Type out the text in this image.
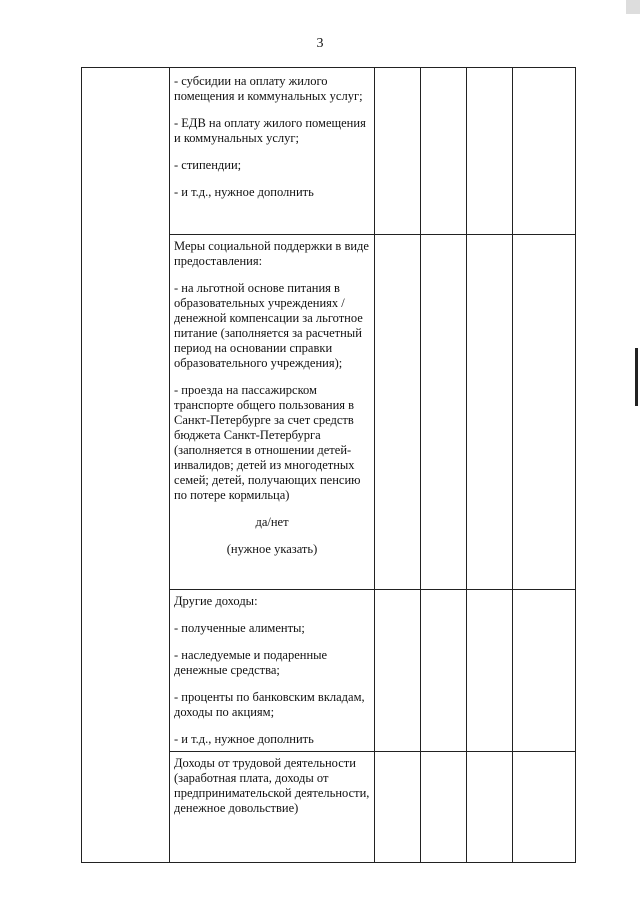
3

	- субсидии на оплату жилого помещения и коммунальных услуг;

- ЕДВ на оплату жилого помещения и коммунальных услуг;

- стипендии;

- и т.д., нужное дополнить				

	Меры социальной поддержки в виде предоставления:

- на льготной основе питания в образовательных учреждениях / денежной компенсации за льготное питание (заполняется за расчетный период на основании справки образовательного учреждения);

- проезда на пассажирском транспорте общего пользования в Санкт-Петербурге за счет средств бюджета Санкт-Петербурга (заполняется в отношении детей-инвалидов; детей из многодетных семей; детей, получающих пенсию по потере кормильца)

да/нет

(нужное указать)				

	Другие доходы:

- полученные алименты;

- наследуемые и подаренные денежные средства;

- проценты по банковским вкладам, доходы по акциям;

- и т.д., нужное дополнить				

	Доходы от трудовой деятельности (заработная плата, доходы от предпринимательской деятельности, денежное довольствие)				
